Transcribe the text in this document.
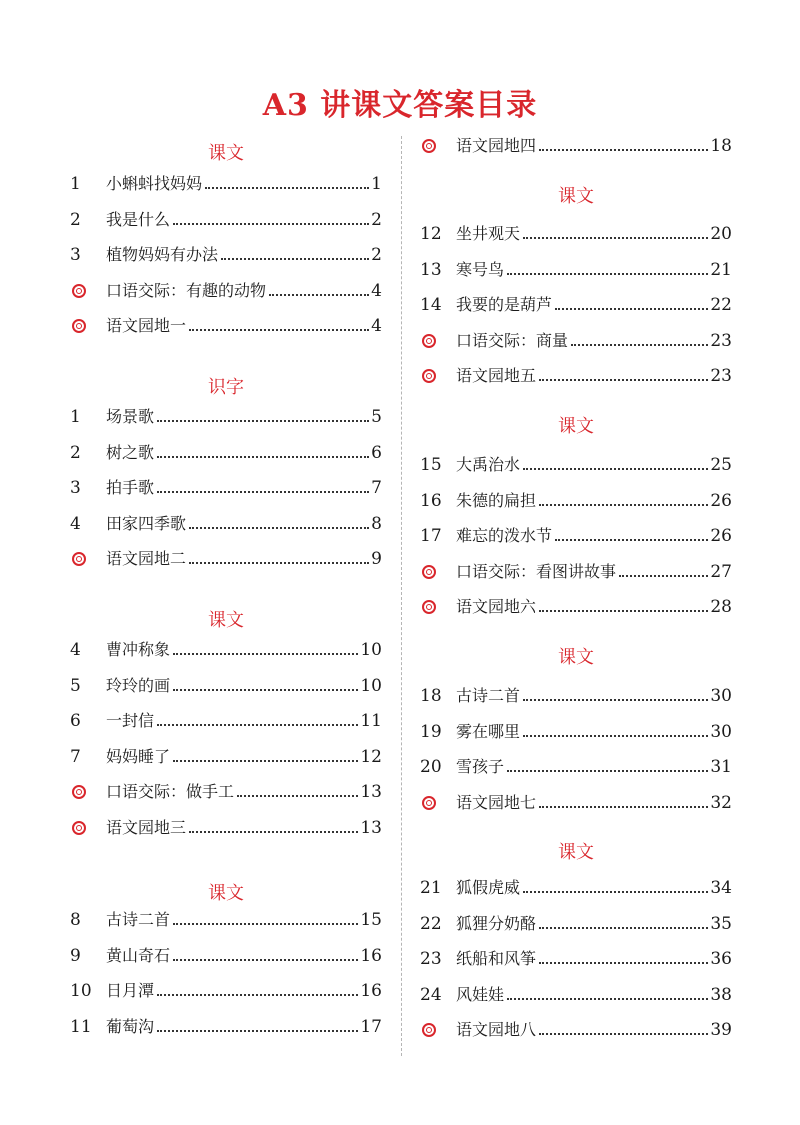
A3 讲课文答案目录
课文
1	小蝌蚪找妈妈	1
2	我是什么	2
3	植物妈妈有办法	2
口语交际：有趣的动物	4
语文园地一	4
识字
1	场景歌	5
2	树之歌	6
3	拍手歌	7
4	田家四季歌	8
语文园地二	9
课文
4	曹冲称象	10
5	玲玲的画	10
6	一封信	11
7	妈妈睡了	12
口语交际：做手工	13
语文园地三	13
课文
8	古诗二首	15
9	黄山奇石	16
10 日月潭	16
11 葡萄沟	17
语文园地四	18
课文
12 坐井观天	20
13 寒号鸟	21
14 我要的是葫芦	22
口语交际：商量	23
语文园地五	23
课文
15 大禹治水	25
16 朱德的扁担	26
17 难忘的泼水节	26
口语交际：看图讲故事	27
语文园地六	28
课文
18 古诗二首	30
19 雾在哪里	30
20 雪孩子	31
语文园地七	32
课文
21 狐假虎威	34
22 狐狸分奶酪	35
23 纸船和风筝	36
24 风娃娃	38
语文园地八	39
